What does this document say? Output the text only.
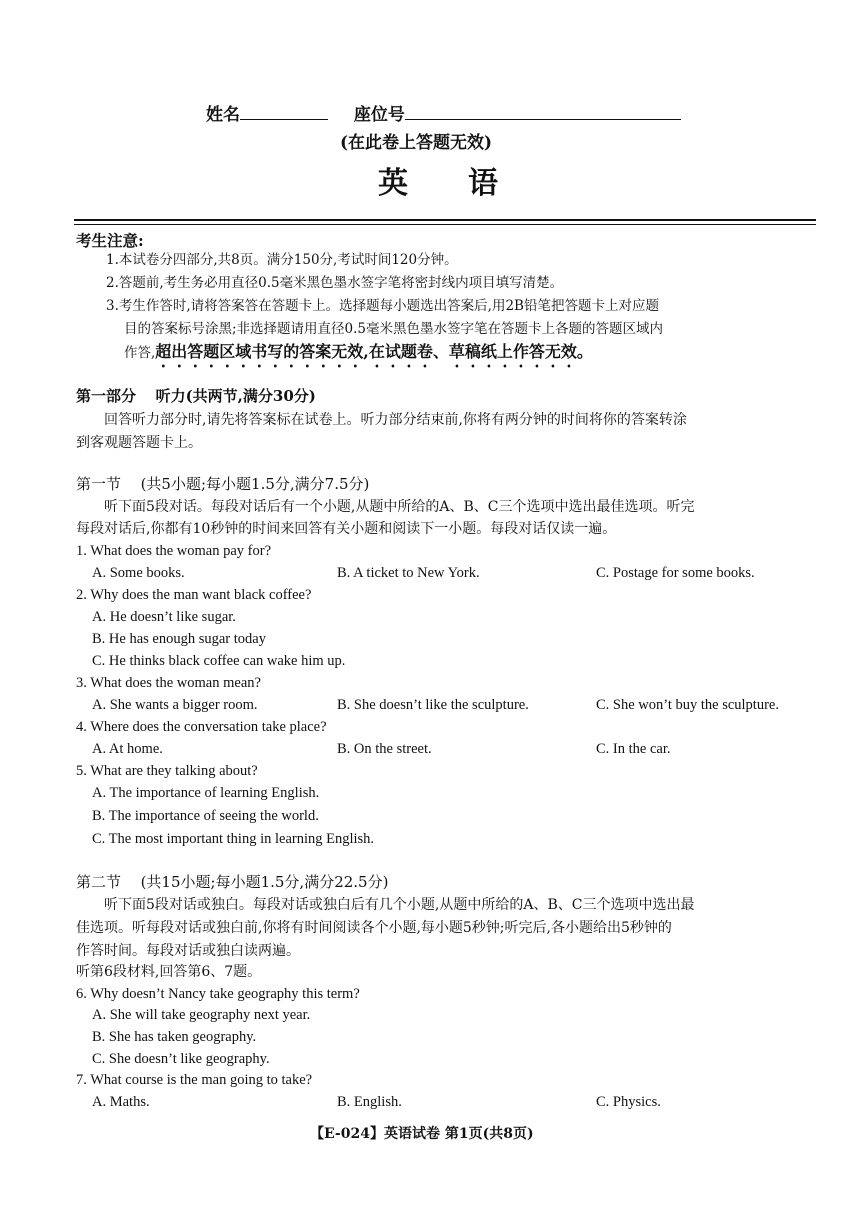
姓名	座位号
(在此卷上答题无效)
英语
考生注意:
1.本试卷分四部分,共8页。满分150分,考试时间120分钟。
2.答题前,考生务必用直径0.5毫米黑色墨水签字笔将密封线内项目填写清楚。
3.考生作答时,请将答案答在答题卡上。选择题每小题选出答案后,用2B铅笔把答题卡上对应题
目的答案标号涂黑;非选择题请用直径0.5毫米黑色墨水签字笔在答题卡上各题的答题区域内
作答,超出答题区域书写的答案无效,在试题卷、草稿纸上作答无效。
第一部分 听力(共两节,满分30分)
回答听力部分时,请先将答案标在试卷上。听力部分结束前,你将有两分钟的时间将你的答案转涂
到客观题答题卡上。
第一节 (共5小题;每小题1.5分,满分7.5分)
听下面5段对话。每段对话后有一个小题,从题中所给的A、B、C三个选项中选出最佳选项。听完
每段对话后,你都有10秒钟的时间来回答有关小题和阅读下一小题。每段对话仅读一遍。
1. What does the woman pay for?
A. Some books.	B. A ticket to New York.	C. Postage for some books.
2. Why does the man want black coffee?
A. He doesn’t like sugar.
B. He has enough sugar today
C. He thinks black coffee can wake him up.
3. What does the woman mean?
A. She wants a bigger room.	B. She doesn’t like the sculpture.	C. She won’t buy the sculpture.
4. Where does the conversation take place?
A. At home.	B. On the street.	C. In the car.
5. What are they talking about?
A. The importance of learning English.
B. The importance of seeing the world.
C. The most important thing in learning English.
第二节 (共15小题;每小题1.5分,满分22.5分)
听下面5段对话或独白。每段对话或独白后有几个小题,从题中所给的A、B、C三个选项中选出最
佳选项。听每段对话或独白前,你将有时间阅读各个小题,每小题5秒钟;听完后,各小题给出5秒钟的
作答时间。每段对话或独白读两遍。
听第6段材料,回答第6、7题。
6. Why doesn’t Nancy take geography this term?
A. She will take geography next year.
B. She has taken geography.
C. She doesn’t like geography.
7. What course is the man going to take?
A. Maths.	B. English.	C. Physics.
【E-024】英语试卷 第1页(共8页)
